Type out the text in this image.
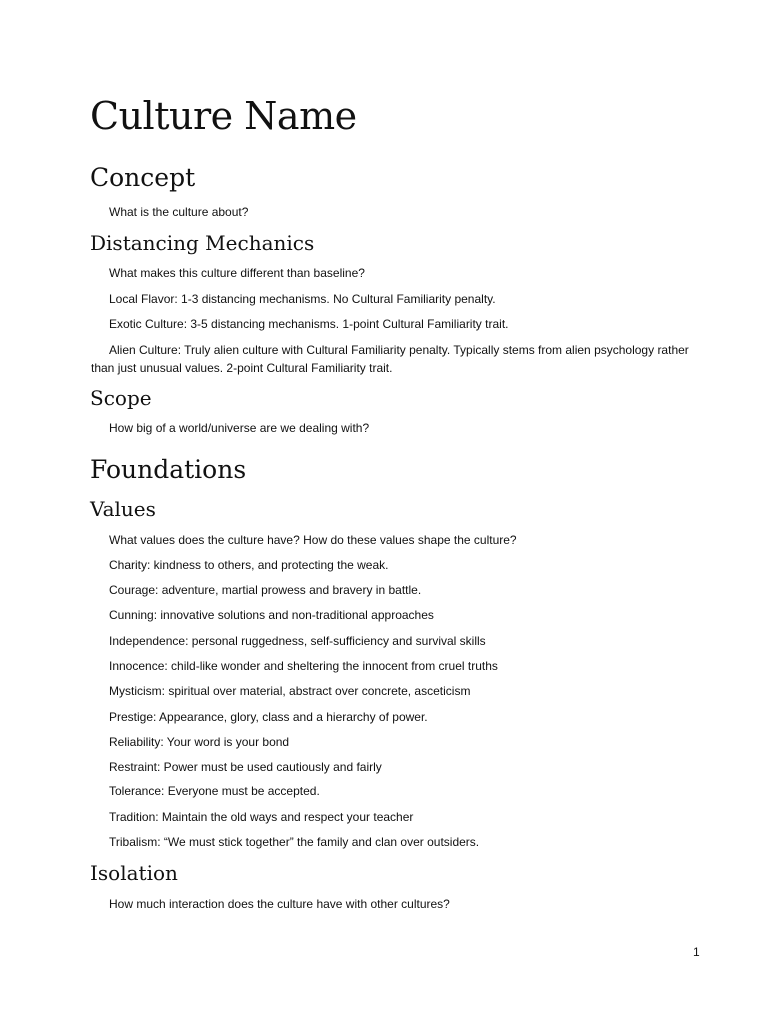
Culture Name
Concept

What is the culture about?

Distancing Mechanics

What makes this culture different than baseline?

Local Flavor: 1-3 distancing mechanisms. No Cultural Familiarity penalty.

Exotic Culture: 3-5 distancing mechanisms. 1-point Cultural Familiarity trait.

Alien Culture: Truly alien culture with Cultural Familiarity penalty. Typically stems from alien psychology rather than just unusual values. 2-point Cultural Familiarity trait.

Scope

How big of a world/universe are we dealing with?

Foundations
Values

What values does the culture have? How do these values shape the culture?

Charity: kindness to others, and protecting the weak.

Courage: adventure, martial prowess and bravery in battle.

Cunning: innovative solutions and non-traditional approaches

Independence: personal ruggedness, self-sufficiency and survival skills

Innocence: child-like wonder and sheltering the innocent from cruel truths

Mysticism: spiritual over material, abstract over concrete, asceticism

Prestige: Appearance, glory, class and a hierarchy of power.

Reliability: Your word is your bond

Restraint: Power must be used cautiously and fairly

Tolerance: Everyone must be accepted.

Tradition: Maintain the old ways and respect your teacher

Tribalism: “We must stick together” the family and clan over outsiders.

Isolation

How much interaction does the culture have with other cultures?

1
